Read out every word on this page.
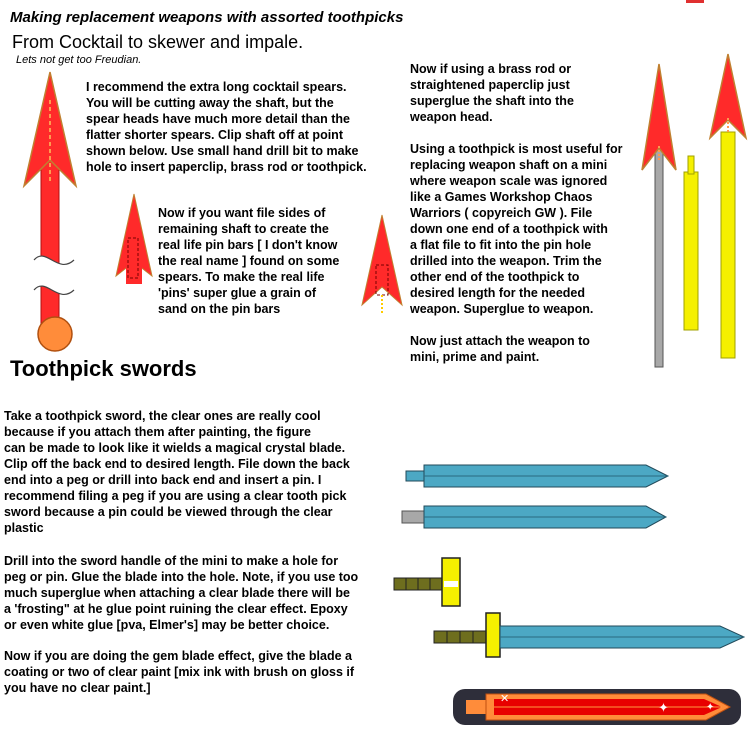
Making replacement weapons with assorted toothpicks
From Cocktail to skewer and impale.
Lets not get too Freudian.
I recommend the extra long cocktail spears.
You will be cutting away the shaft, but the
spear heads have much more detail than the
flatter shorter spears. Clip shaft off at point
shown below. Use small hand drill bit to make
hole to insert paperclip, brass rod or toothpick.
Now if you want file sides of
remaining shaft to create the
real life pin bars [ I don't know
the real name ] found on some
spears. To make the real life
'pins' super glue a grain of
sand on the pin bars
Now if using a brass rod or
straightened paperclip just
superglue the shaft into the
weapon head.
Using a toothpick is most useful for
replacing weapon shaft on a mini
where weapon scale was ignored
like a Games Workshop Chaos
Warriors ( copyreich GW ). File
down one end of a toothpick with
a flat file to fit into the pin hole
drilled into the weapon. Trim the
other end of the toothpick to
desired length for the needed
weapon. Superglue to weapon.
Now just attach the weapon to
mini, prime and paint.
Toothpick swords
Take a toothpick sword, the clear ones are really cool
because if you attach them after painting, the figure
can be made to look like it wields a magical crystal blade.
Clip off the back end to desired length. File down the back
end into a peg or drill into back end and insert a pin. I
recommend filing a peg if you are using a clear tooth pick
sword because a pin could be viewed through the clear
plastic
Drill into the sword handle of the mini to make a hole for
peg or pin. Glue the blade into the hole. Note, if you use too
much superglue when attaching a clear blade there will be
a 'frosting" at he glue point ruining the clear effect. Epoxy
or even white glue [pva, Elmer's] may be better choice.
Now if you are doing the gem blade effect, give the blade a
coating or two of clear paint [mix ink with brush on gloss if
you have no clear paint.]
✕
✦	✦
